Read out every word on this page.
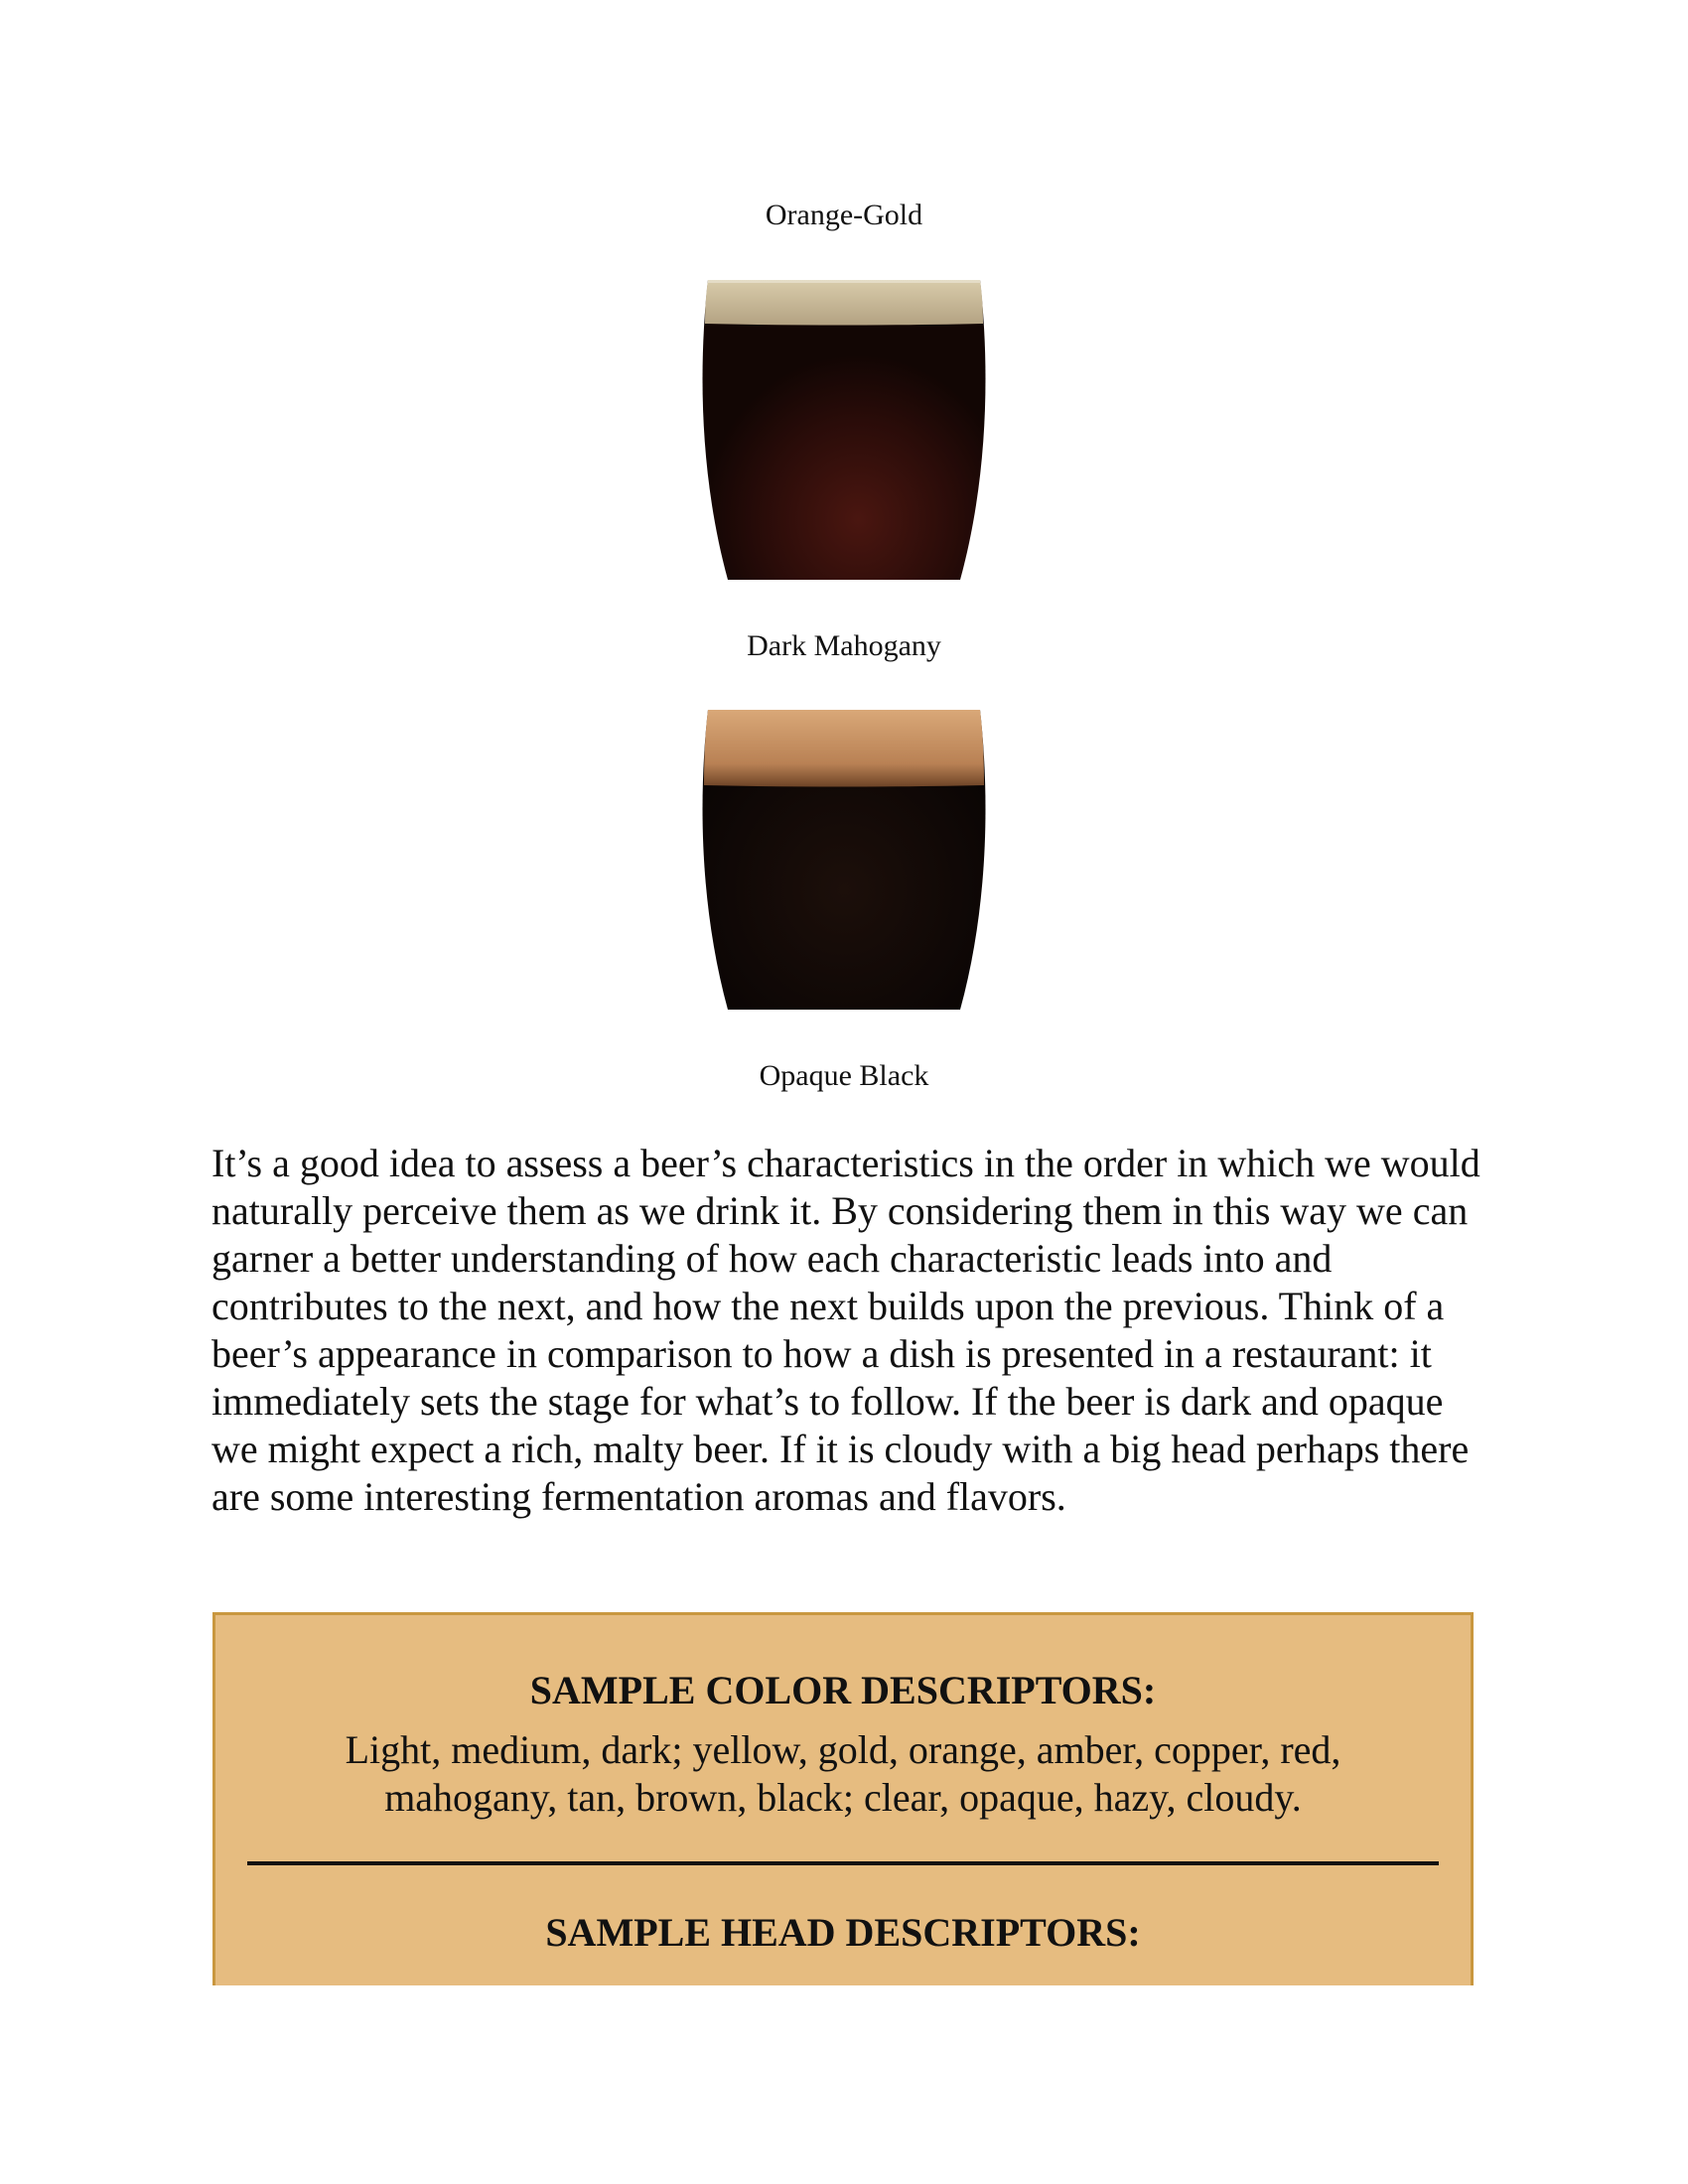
Orange-Gold
Dark Mahogany
Opaque Black

It’s a good idea to assess a beer’s characteristics in the order in which we would naturally perceive them as we drink it. By considering them in this way we can garner a better understanding of how each characteristic leads into and contributes to the next, and how the next builds upon the previous. Think of a beer’s appearance in comparison to how a dish is presented in a restaurant: it immediately sets the stage for what’s to follow. If the beer is dark and opaque we might expect a rich, malty beer. If it is cloudy with a big head perhaps there are some interesting fermentation aromas and flavors.

SAMPLE COLOR DESCRIPTORS:

Light, medium, dark; yellow, gold, orange, amber, copper, red, mahogany, tan, brown, black; clear, opaque, hazy, cloudy.

SAMPLE HEAD DESCRIPTORS:
